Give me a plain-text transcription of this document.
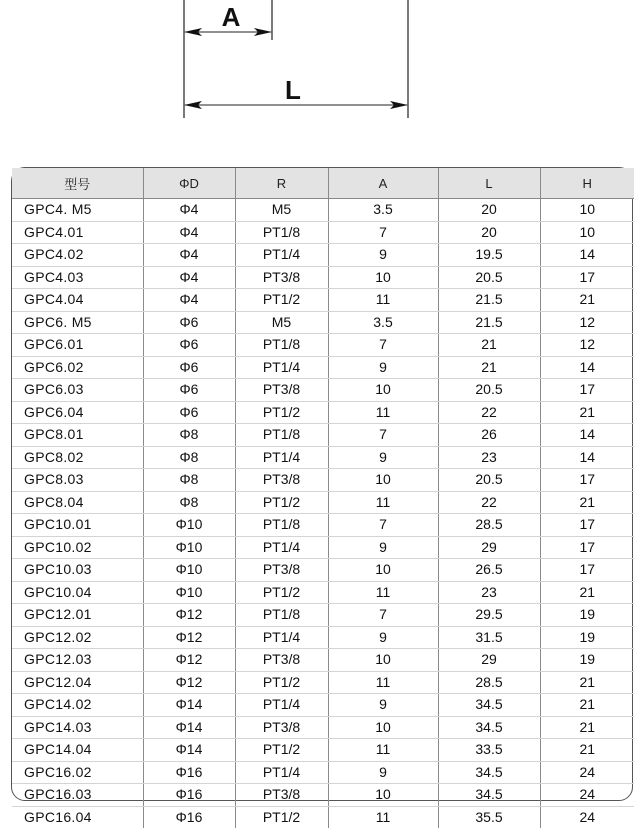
A
L
型号	ΦD	R	A	L	H
GPC4. M5	Φ4	M5	3.5	20	10
GPC4.01	Φ4	PT1/8	7	20	10
GPC4.02	Φ4	PT1/4	9	19.5	14
GPC4.03	Φ4	PT3/8	10	20.5	17
GPC4.04	Φ4	PT1/2	11	21.5	21
GPC6. M5	Φ6	M5	3.5	21.5	12
GPC6.01	Φ6	PT1/8	7	21	12
GPC6.02	Φ6	PT1/4	9	21	14
GPC6.03	Φ6	PT3/8	10	20.5	17
GPC6.04	Φ6	PT1/2	11	22	21
GPC8.01	Φ8	PT1/8	7	26	14
GPC8.02	Φ8	PT1/4	9	23	14
GPC8.03	Φ8	PT3/8	10	20.5	17
GPC8.04	Φ8	PT1/2	11	22	21
GPC10.01	Φ10	PT1/8	7	28.5	17
GPC10.02	Φ10	PT1/4	9	29	17
GPC10.03	Φ10	PT3/8	10	26.5	17
GPC10.04	Φ10	PT1/2	11	23	21
GPC12.01	Φ12	PT1/8	7	29.5	19
GPC12.02	Φ12	PT1/4	9	31.5	19
GPC12.03	Φ12	PT3/8	10	29	19
GPC12.04	Φ12	PT1/2	11	28.5	21
GPC14.02	Φ14	PT1/4	9	34.5	21
GPC14.03	Φ14	PT3/8	10	34.5	21
GPC14.04	Φ14	PT1/2	11	33.5	21
GPC16.02	Φ16	PT1/4	9	34.5	24
GPC16.03	Φ16	PT3/8	10	34.5	24
GPC16.04	Φ16	PT1/2	11	35.5	24
